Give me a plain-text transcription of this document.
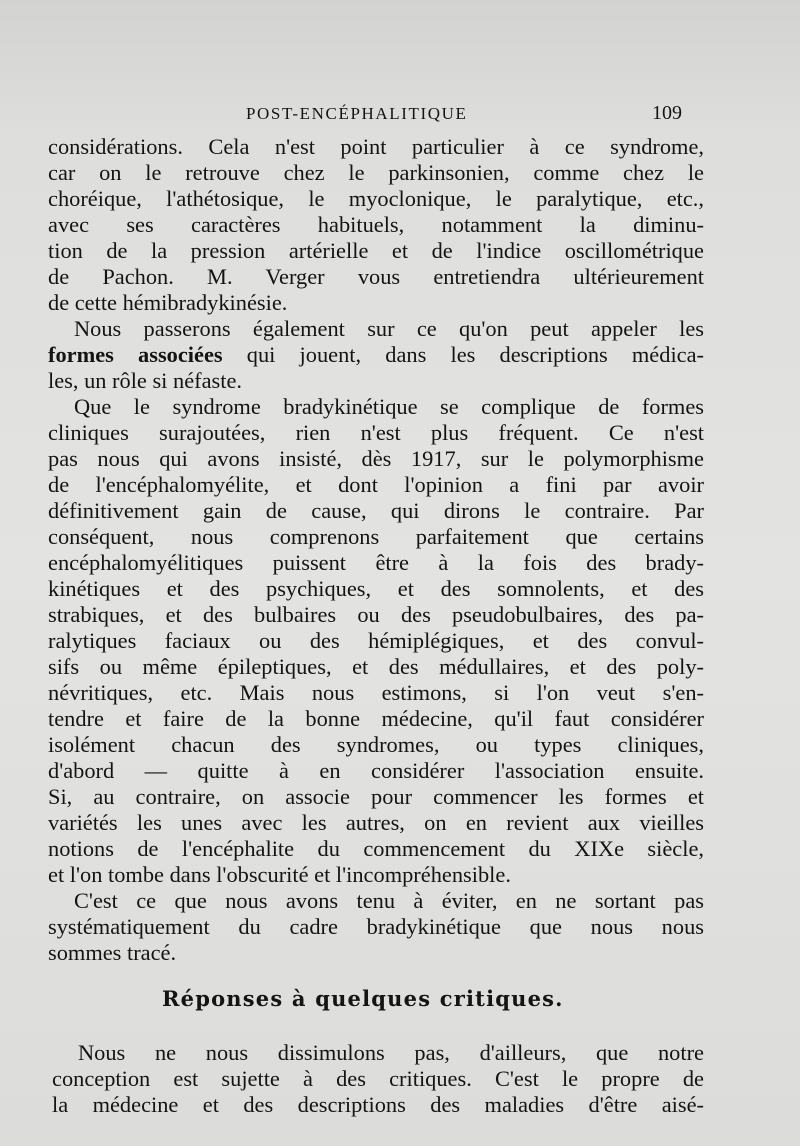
POST-ENCÉPHALITIQUE	109
considérations. Cela n'est point particulier à ce syndrome,
car on le retrouve chez le parkinsonien, comme chez le
choréique, l'athétosique, le myoclonique, le paralytique, etc.,
avec ses caractères habituels, notamment la diminu-
tion de la pression artérielle et de l'indice oscillométrique
de Pachon. M. Verger vous entretiendra ultérieurement
de cette hémibradykinésie.
Nous passerons également sur ce qu'on peut appeler les
formes associées qui jouent, dans les descriptions médica-
les, un rôle si néfaste.
Que le syndrome bradykinétique se complique de formes
cliniques surajoutées, rien n'est plus fréquent. Ce n'est
pas nous qui avons insisté, dès 1917, sur le polymorphisme
de l'encéphalomyélite, et dont l'opinion a fini par avoir
définitivement gain de cause, qui dirons le contraire. Par
conséquent, nous comprenons parfaitement que certains
encéphalomyélitiques puissent être à la fois des brady-
kinétiques et des psychiques, et des somnolents, et des
strabiques, et des bulbaires ou des pseudobulbaires, des pa-
ralytiques faciaux ou des hémiplégiques, et des convul-
sifs ou même épileptiques, et des médullaires, et des poly-
névritiques, etc. Mais nous estimons, si l'on veut s'en-
tendre et faire de la bonne médecine, qu'il faut considérer
isolément chacun des syndromes, ou types cliniques,
d'abord — quitte à en considérer l'association ensuite.
Si, au contraire, on associe pour commencer les formes et
variétés les unes avec les autres, on en revient aux vieilles
notions de l'encéphalite du commencement du XIXe siècle,
et l'on tombe dans l'obscurité et l'incompréhensible.
C'est ce que nous avons tenu à éviter, en ne sortant pas
systématiquement du cadre bradykinétique que nous nous
sommes tracé.
Réponses à quelques critiques.
Nous ne nous dissimulons pas, d'ailleurs, que notre
conception est sujette à des critiques. C'est le propre de
la médecine et des descriptions des maladies d'être aisé-
